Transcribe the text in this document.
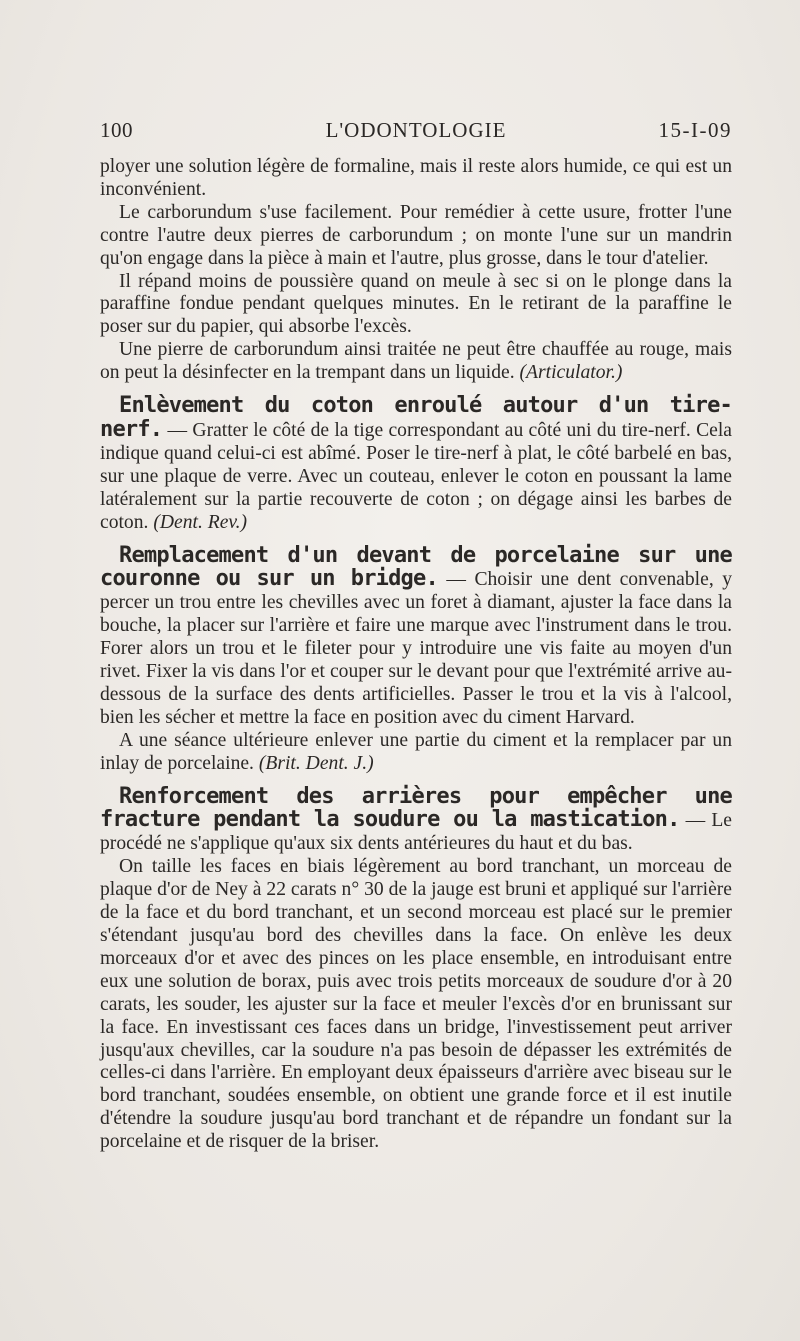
100	L'ODONTOLOGIE	15-I-09

ployer une solution légère de formaline, mais il reste alors humide, ce qui est un inconvénient.

Le carborundum s'use facilement. Pour remédier à cette usure, frotter l'une contre l'autre deux pierres de carborundum ; on monte l'une sur un mandrin qu'on engage dans la pièce à main et l'autre, plus grosse, dans le tour d'atelier.

Il répand moins de poussière quand on meule à sec si on le plonge dans la paraffine fondue pendant quelques minutes. En le retirant de la paraffine le poser sur du papier, qui absorbe l'excès.

Une pierre de carborundum ainsi traitée ne peut être chauffée au rouge, mais on peut la désinfecter en la trempant dans un liquide. (Articulator.)

Enlèvement du coton enroulé autour d'un tire-nerf. — Gratter le côté de la tige correspondant au côté uni du tire-nerf. Cela indique quand celui-ci est abîmé. Poser le tire-nerf à plat, le côté barbelé en bas, sur une plaque de verre. Avec un couteau, enlever le coton en poussant la lame latéralement sur la partie recouverte de coton ; on dégage ainsi les barbes de coton. (Dent. Rev.)

Remplacement d'un devant de porcelaine sur une couronne ou sur un bridge. — Choisir une dent convenable, y percer un trou entre les chevilles avec un foret à diamant, ajuster la face dans la bouche, la placer sur l'arrière et faire une marque avec l'instrument dans le trou. Forer alors un trou et le fileter pour y introduire une vis faite au moyen d'un rivet. Fixer la vis dans l'or et couper sur le devant pour que l'extrémité arrive au-dessous de la surface des dents artificielles. Passer le trou et la vis à l'alcool, bien les sécher et mettre la face en position avec du ciment Harvard.

A une séance ultérieure enlever une partie du ciment et la remplacer par un inlay de porcelaine. (Brit. Dent. J.)

Renforcement des arrières pour empêcher une fracture pendant la soudure ou la mastication. — Le procédé ne s'applique qu'aux six dents antérieures du haut et du bas.

On taille les faces en biais légèrement au bord tranchant, un morceau de plaque d'or de Ney à 22 carats n° 30 de la jauge est bruni et appliqué sur l'arrière de la face et du bord tranchant, et un second morceau est placé sur le premier s'étendant jusqu'au bord des chevilles dans la face. On enlève les deux morceaux d'or et avec des pinces on les place ensemble, en introduisant entre eux une solution de borax, puis avec trois petits morceaux de soudure d'or à 20 carats, les souder, les ajuster sur la face et meuler l'excès d'or en brunissant sur la face. En investissant ces faces dans un bridge, l'investissement peut arriver jusqu'aux chevilles, car la soudure n'a pas besoin de dépasser les extrémités de celles-ci dans l'arrière. En employant deux épaisseurs d'arrière avec biseau sur le bord tranchant, soudées ensemble, on obtient une grande force et il est inutile d'étendre la soudure jusqu'au bord tranchant et de répandre un fondant sur la porcelaine et de risquer de la briser.
